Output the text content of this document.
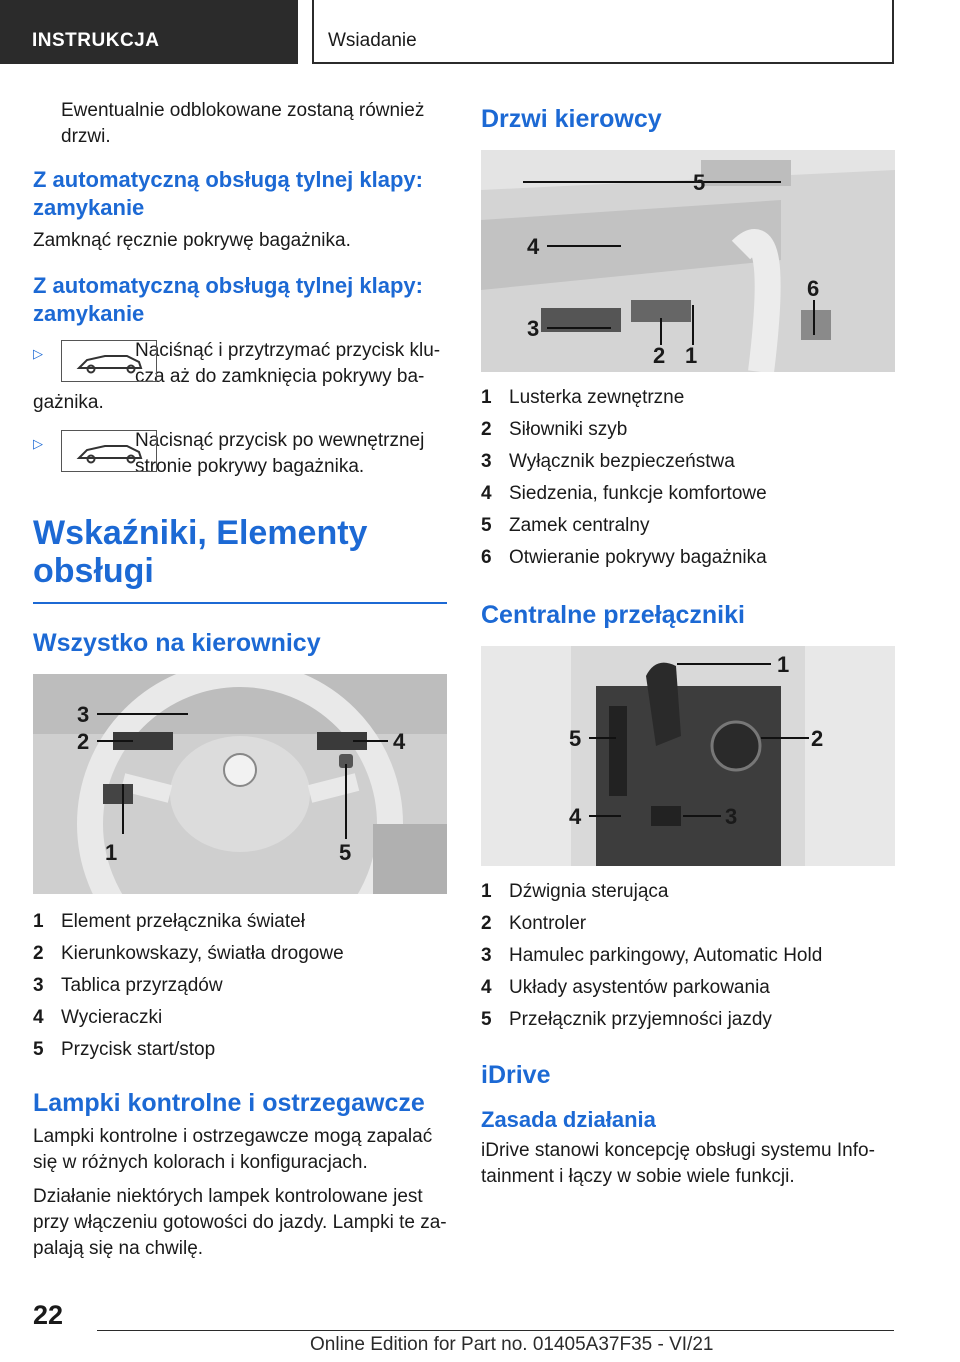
INSTRUKCJA	Wsiadanie

Ewentualnie odblokowane zostaną również drzwi.

Z automatyczną obsługą tylnej klapy: zamykanie

Zamknąć ręcznie pokrywę bagażnika.

Z automatyczną obsługą tylnej klapy: zamykanie

▷	Naciśnąć i przytrzymać przycisk klu-cza aż do zamknięcia pokrywy ba-

gażnika.

▷	Nacisnąć przycisk po wewnętrznej stronie pokrywy bagażnika.

Wskaźniki, Elementy obsługi

Wszystko na kierownicy

3
2	4
1	5
1 Element przełącznika świateł
2 Kierunkowskazy, światła drogowe
3 Tablica przyrządów
4 Wycieraczki
5 Przycisk start/stop

Lampki kontrolne i ostrzegawcze

Lampki kontrolne i ostrzegawcze mogą zapalać się w różnych kolorach i konfiguracjach.

Działanie niektórych lampek kontrolowane jest przy włączeniu gotowości do jazdy. Lampki te za-palają się na chwilę.

Drzwi kierowcy

5
4
3
2 1
6
1 Lusterka zewnętrzne
2 Siłowniki szyb
3 Wyłącznik bezpieczeństwa
4 Siedzenia, funkcje komfortowe
5 Zamek centralny
6 Otwieranie pokrywy bagażnika

Centralne przełączniki

1
2
3
4
5
1 Dźwignia sterująca
2 Kontroler
3 Hamulec parkingowy, Automatic Hold
4 Układy asystentów parkowania
5 Przełącznik przyjemności jazdy

iDrive

Zasada działania

iDrive stanowi koncepcję obsługi systemu Info-tainment i łączy w sobie wiele funkcji.

22
Online Edition for Part no. 01405A37F35 - VI/21
